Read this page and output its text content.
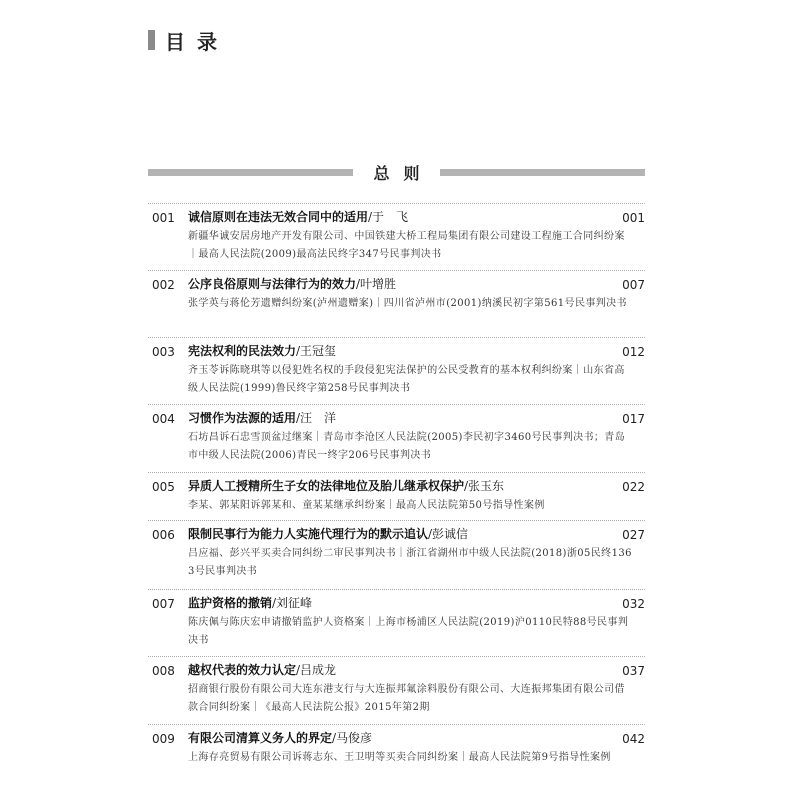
目录
总则
001 诚信原则在违法无效合同中的适用/于　飞	001
新疆华诚安居房地产开发有限公司、中国铁建大桥工程局集团有限公司建设工程施工合同纠纷案｜最高人民法院(2009)最高法民终字347号民事判决书
002 公序良俗原则与法律行为的效力/叶增胜	007
张学英与蒋伦芳遗赠纠纷案(泸州遗赠案)｜四川省泸州市(2001)纳溪民初字第561号民事判决书
003 宪法权利的民法效力/王冠玺	012
齐玉苓诉陈晓琪等以侵犯姓名权的手段侵犯宪法保护的公民受教育的基本权利纠纷案｜山东省高级人民法院(1999)鲁民终字第258号民事判决书
004 习惯作为法源的适用/汪　洋	017
石坊昌诉石忠雪顶盆过继案｜青岛市李沧区人民法院(2005)李民初字3460号民事判决书；青岛市中级人民法院(2006)青民一终字206号民事判决书
005 异质人工授精所生子女的法律地位及胎儿继承权保护/张玉东	022
李某、郭某阳诉郭某和、童某某继承纠纷案｜最高人民法院第50号指导性案例
006 限制民事行为能力人实施代理行为的默示追认/彭诚信	027
吕应福、彭兴平买卖合同纠纷二审民事判决书｜浙江省湖州市中级人民法院(2018)浙05民终1363号民事判决书
007 监护资格的撤销/刘征峰	032
陈庆佩与陈庆宏申请撤销监护人资格案｜上海市杨浦区人民法院(2019)沪0110民特88号民事判决书
008 越权代表的效力认定/吕成龙	037
招商银行股份有限公司大连东港支行与大连振邦氟涂料股份有限公司、大连振邦集团有限公司借款合同纠纷案｜《最高人民法院公报》2015年第2期
009 有限公司清算义务人的界定/马俊彦	042
上海存亮贸易有限公司诉蒋志东、王卫明等买卖合同纠纷案｜最高人民法院第9号指导性案例
